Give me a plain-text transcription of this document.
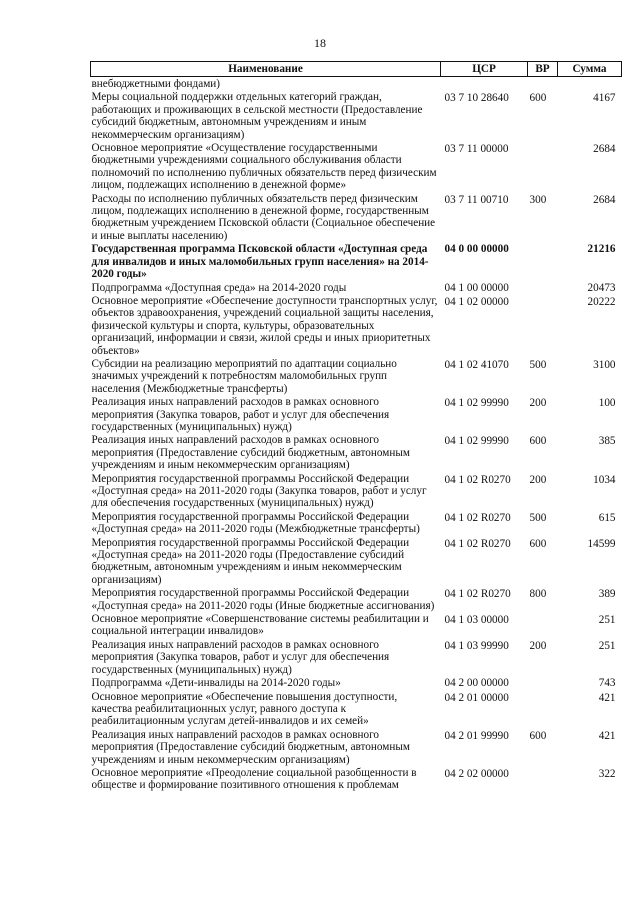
18
Наименование	ЦСР	ВР	Сумма
внебюджетными фондами)			
Меры социальной поддержки отдельных категорий граждан, работающих и проживающих в сельской местности (Предоставление субсидий бюджетным, автономным учреждениям и иным некоммерческим организациям)	03 7 10 28640	600	4167
Основное мероприятие «Осуществление государственными бюджетными учреждениями социального обслуживания области полномочий по исполнению публичных обязательств перед физическим лицом, подлежащих исполнению в денежной форме»	03 7 11 00000		2684
Расходы по исполнению публичных обязательств перед физическим лицом, подлежащих исполнению в денежной форме, государственным бюджетным учреждением Псковской области (Социальное обеспечение и иные выплаты населению)	03 7 11 00710	300	2684
Государственная программа Псковской области «Доступная среда для инвалидов и иных маломобильных групп населения» на 2014-2020 годы»	04 0 00 00000		21216
Подпрограмма «Доступная среда» на 2014-2020 годы	04 1 00 00000		20473
Основное мероприятие «Обеспечение доступности транспортных услуг, объектов здравоохранения, учреждений социальной защиты населения, физической культуры и спорта, культуры, образовательных организаций, информации и связи, жилой среды и иных приоритетных объектов»	04 1 02 00000		20222
Субсидии на реализацию мероприятий по адаптации социально значимых учреждений к потребностям маломобильных групп населения (Межбюджетные трансферты)	04 1 02 41070	500	3100
Реализация иных направлений расходов в рамках основного мероприятия (Закупка товаров, работ и услуг для обеспечения государственных (муниципальных) нужд)	04 1 02 99990	200	100
Реализация иных направлений расходов в рамках основного мероприятия (Предоставление субсидий бюджетным, автономным учреждениям и иным некоммерческим организациям)	04 1 02 99990	600	385
Мероприятия государственной программы Российской Федерации «Доступная среда» на 2011-2020 годы (Закупка товаров, работ и услуг для обеспечения государственных (муниципальных) нужд)	04 1 02 R0270	200	1034
Мероприятия государственной программы Российской Федерации «Доступная среда» на 2011-2020 годы (Межбюджетные трансферты)	04 1 02 R0270	500	615
Мероприятия государственной программы Российской Федерации «Доступная среда» на 2011-2020 годы (Предоставление субсидий бюджетным, автономным учреждениям и иным некоммерческим организациям)	04 1 02 R0270	600	14599
Мероприятия государственной программы Российской Федерации «Доступная среда» на 2011-2020 годы (Иные бюджетные ассигнования)	04 1 02 R0270	800	389
Основное мероприятие «Совершенствование системы реабилитации и социальной интеграции инвалидов»	04 1 03 00000		251
Реализация иных направлений расходов в рамках основного мероприятия (Закупка товаров, работ и услуг для обеспечения государственных (муниципальных) нужд)	04 1 03 99990	200	251
Подпрограмма «Дети-инвалиды на 2014-2020 годы»	04 2 00 00000		743
Основное мероприятие «Обеспечение повышения доступности, качества реабилитационных услуг, равного доступа к реабилитационным услугам детей-инвалидов и их семей»	04 2 01 00000		421
Реализация иных направлений расходов в рамках основного мероприятия (Предоставление субсидий бюджетным, автономным учреждениям и иным некоммерческим организациям)	04 2 01 99990	600	421
Основное мероприятие «Преодоление социальной разобщенности в обществе и формирование позитивного отношения к проблемам	04 2 02 00000		322
